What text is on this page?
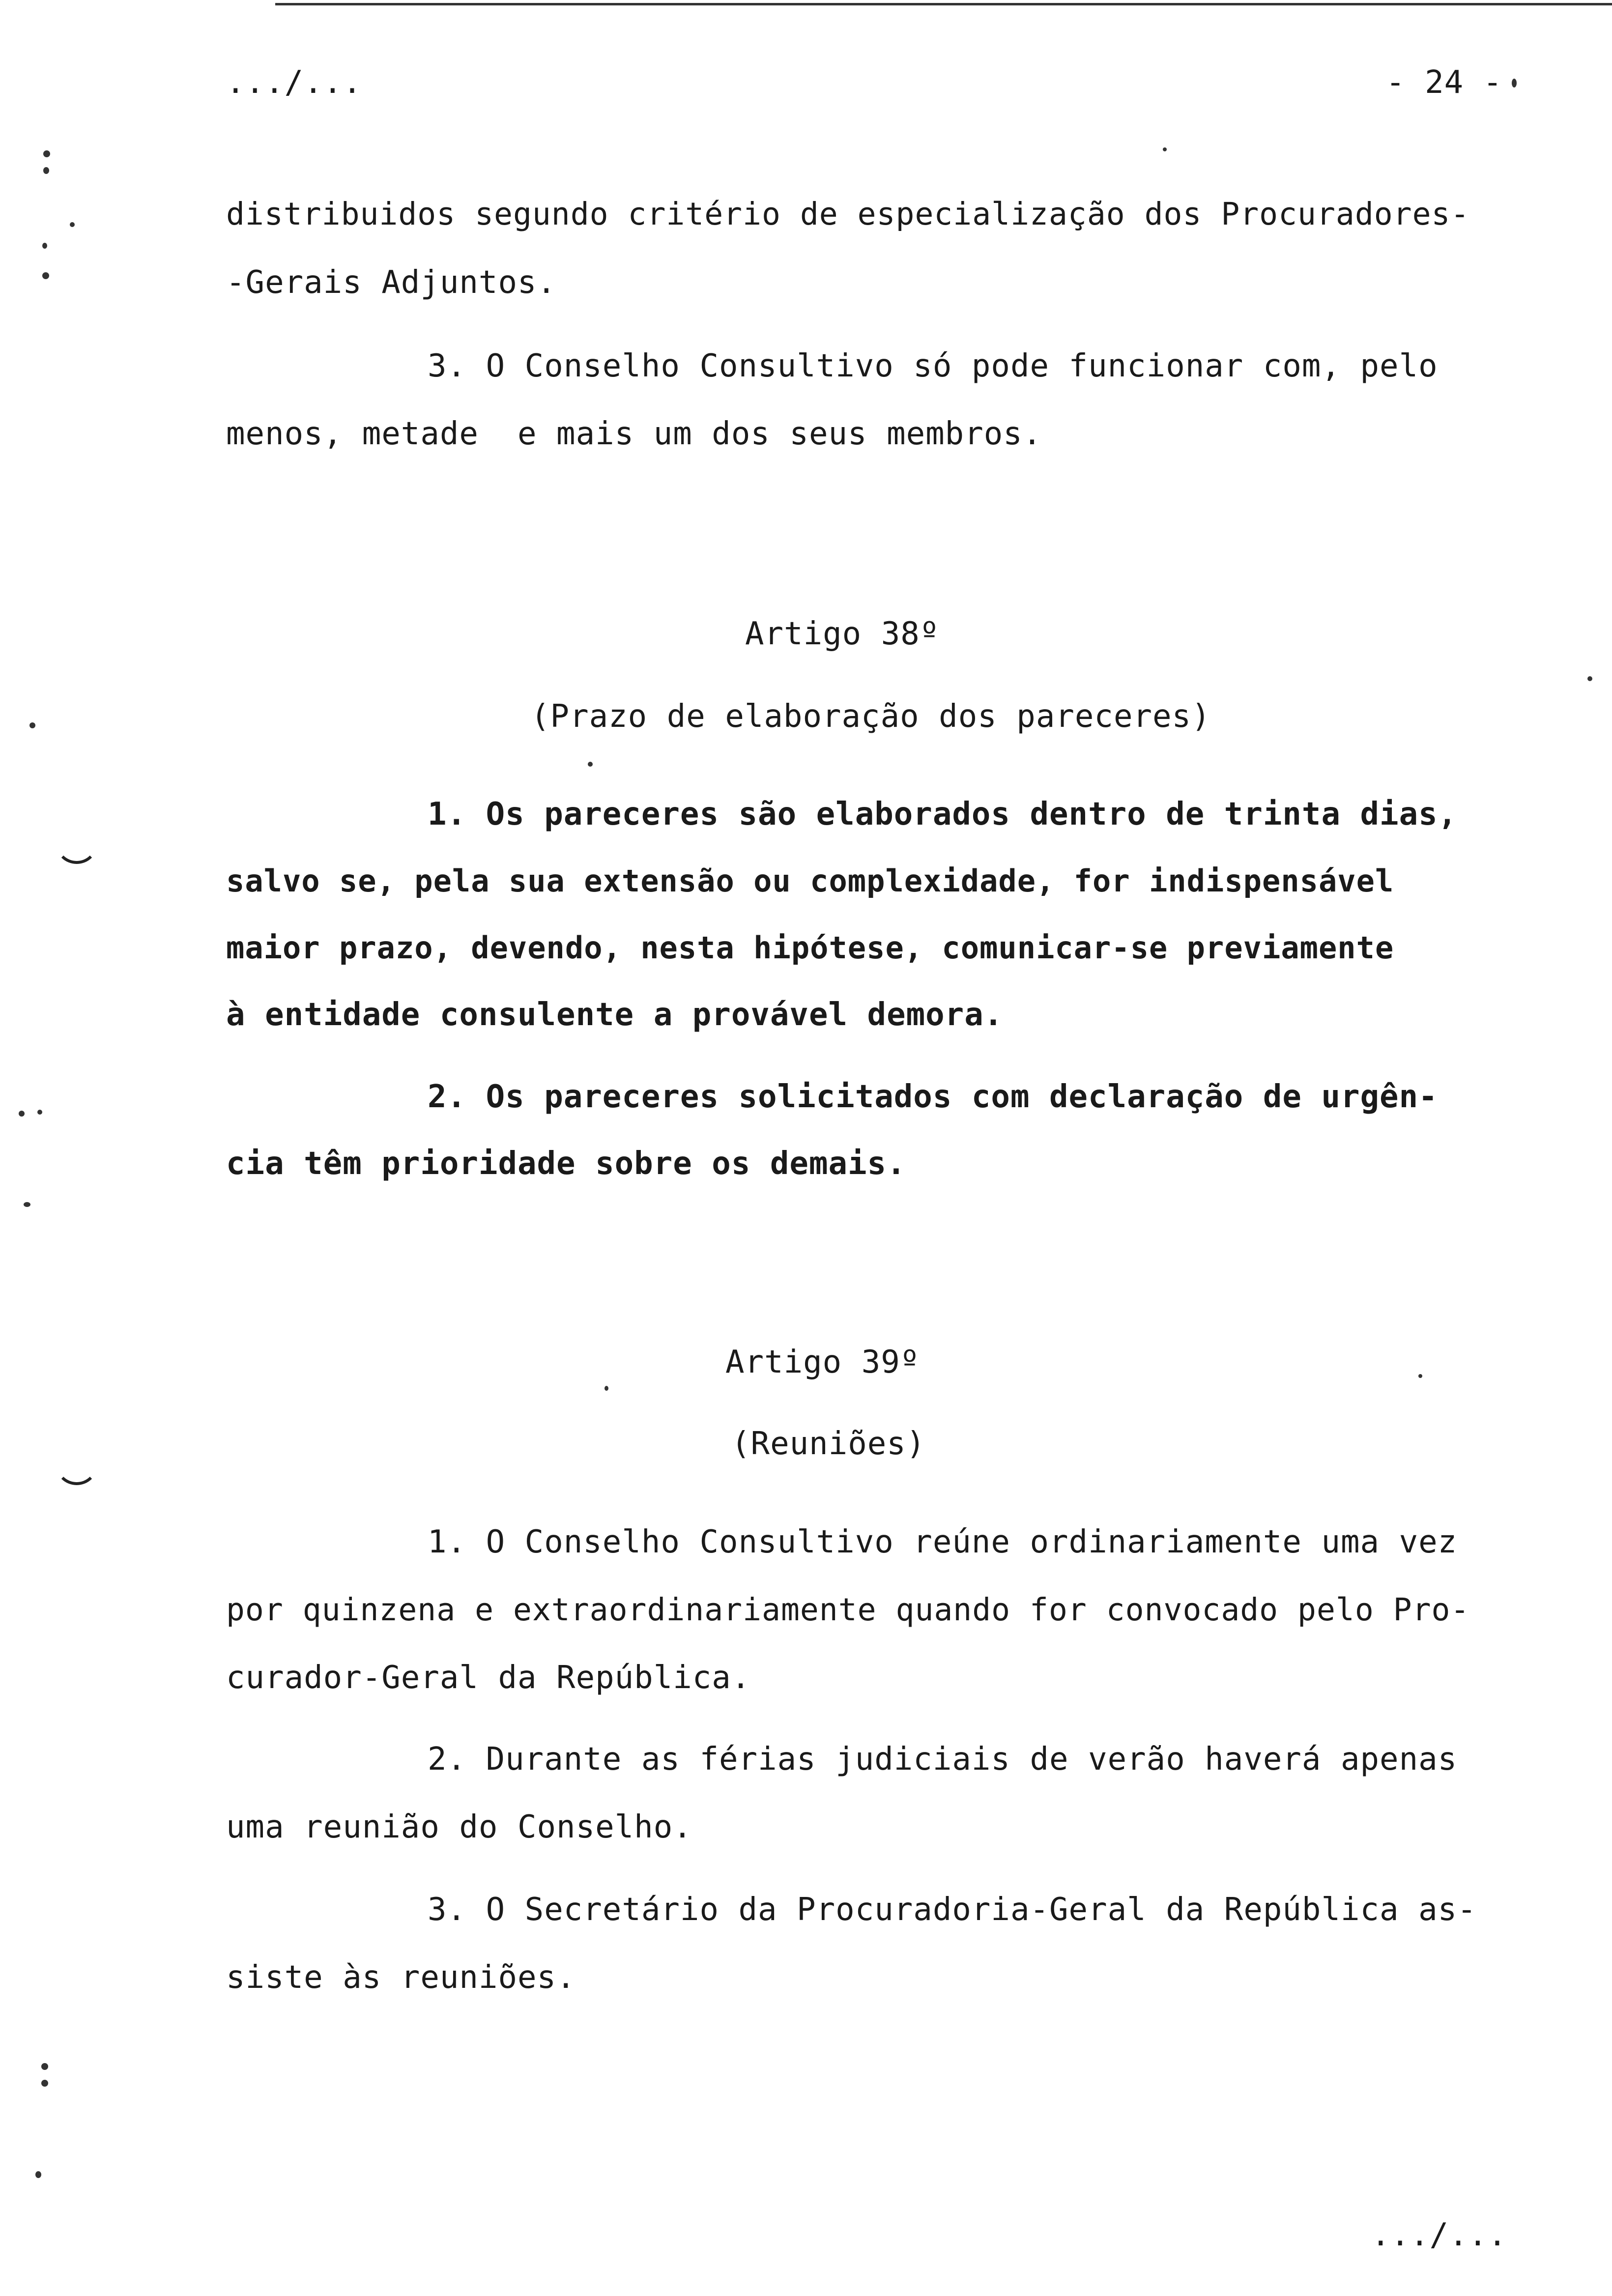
.../...	- 24 -
distribuidos segundo critério de especialização dos Procuradores-
-Gerais Adjuntos.
3. O Conselho Consultivo só pode funcionar com, pelo
menos, metade  e mais um dos seus membros.
Artigo 38º
(Prazo de elaboração dos pareceres)
1. Os pareceres são elaborados dentro de trinta dias,
salvo se, pela sua extensão ou complexidade, for indispensável
maior prazo, devendo, nesta hipótese, comunicar-se previamente
à entidade consulente a provável demora.
2. Os pareceres solicitados com declaração de urgên-
cia têm prioridade sobre os demais.
Artigo 39º
(Reuniões)
1. O Conselho Consultivo reúne ordinariamente uma vez
por quinzena e extraordinariamente quando for convocado pelo Pro-
curador-Geral da República.
2. Durante as férias judiciais de verão haverá apenas
uma reunião do Conselho.
3. O Secretário da Procuradoria-Geral da República as-
siste às reuniões.
.../...
